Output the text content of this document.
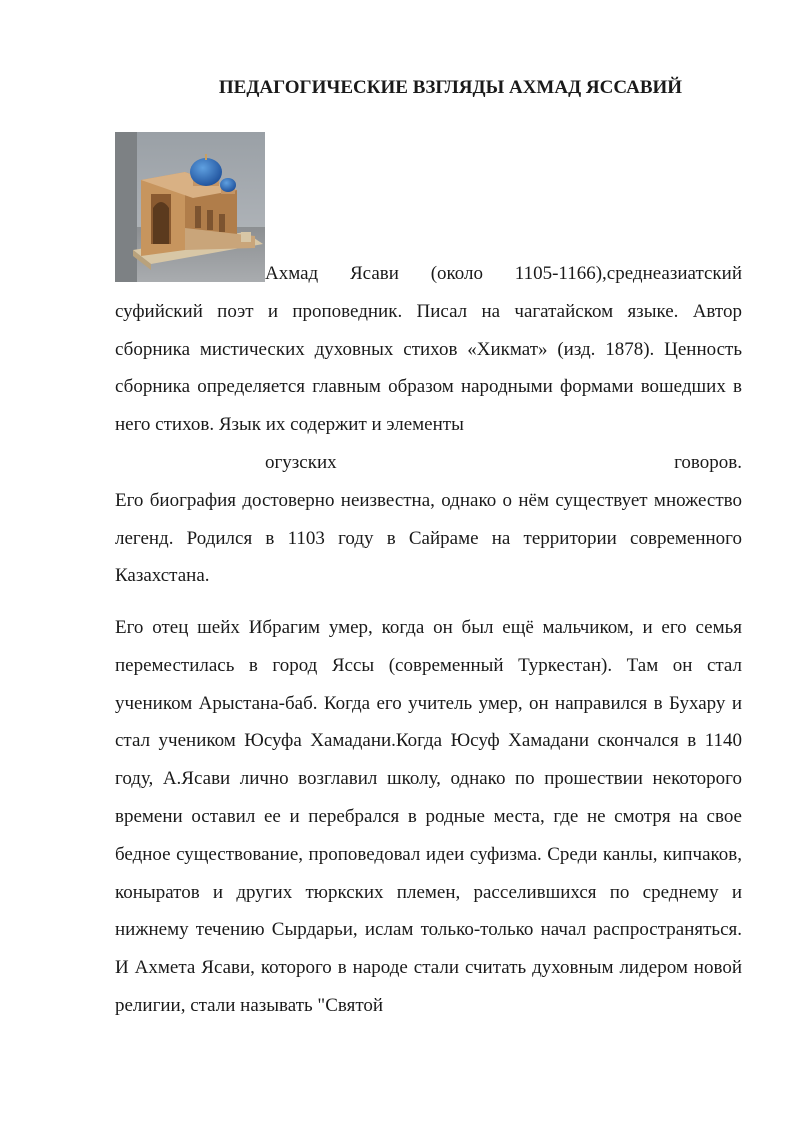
ПЕДАГОГИЧЕСКИЕ ВЗГЛЯДЫ АХМАД ЯССАВИЙ

Ахмад Ясави (около 1105-1166),среднеазиатский суфийский поэт и проповедник. Писал на чагатайском языке. Автор сборника мистических духовных стихов «Хикмат» (изд. 1878). Ценность сборника определяется главным образом народными формами вошедших в него стихов. Язык их содержит и элементы
огузских говоров.
Его биография достоверно неизвестна, однако о нём существует множество легенд. Родился в 1103 году в Сайраме на территории современного Казахстана.

Его отец шейх Ибрагим умер, когда он был ещё мальчиком, и его семья переместилась в город Яссы (современный Туркестан). Там он стал учеником Арыстана-баб. Когда его учитель умер, он направился в Бухару и стал учеником Юсуфа Хамадани.Когда Юсуф Хамадани скончался в 1140 году, А.Ясави лично возглавил школу, однако по прошествии некоторого времени оставил ее и перебрался в родные места, где не смотря на свое бедное существование, проповедовал идеи суфизма. Среди канлы, кипчаков, коныратов и других тюркских племен, расселившихся по среднему и нижнему течению Сырдарьи, ислам только-только начал распространяться. И Ахмета Ясави, которого в народе стали считать духовным лидером новой религии, стали называть "Святой
